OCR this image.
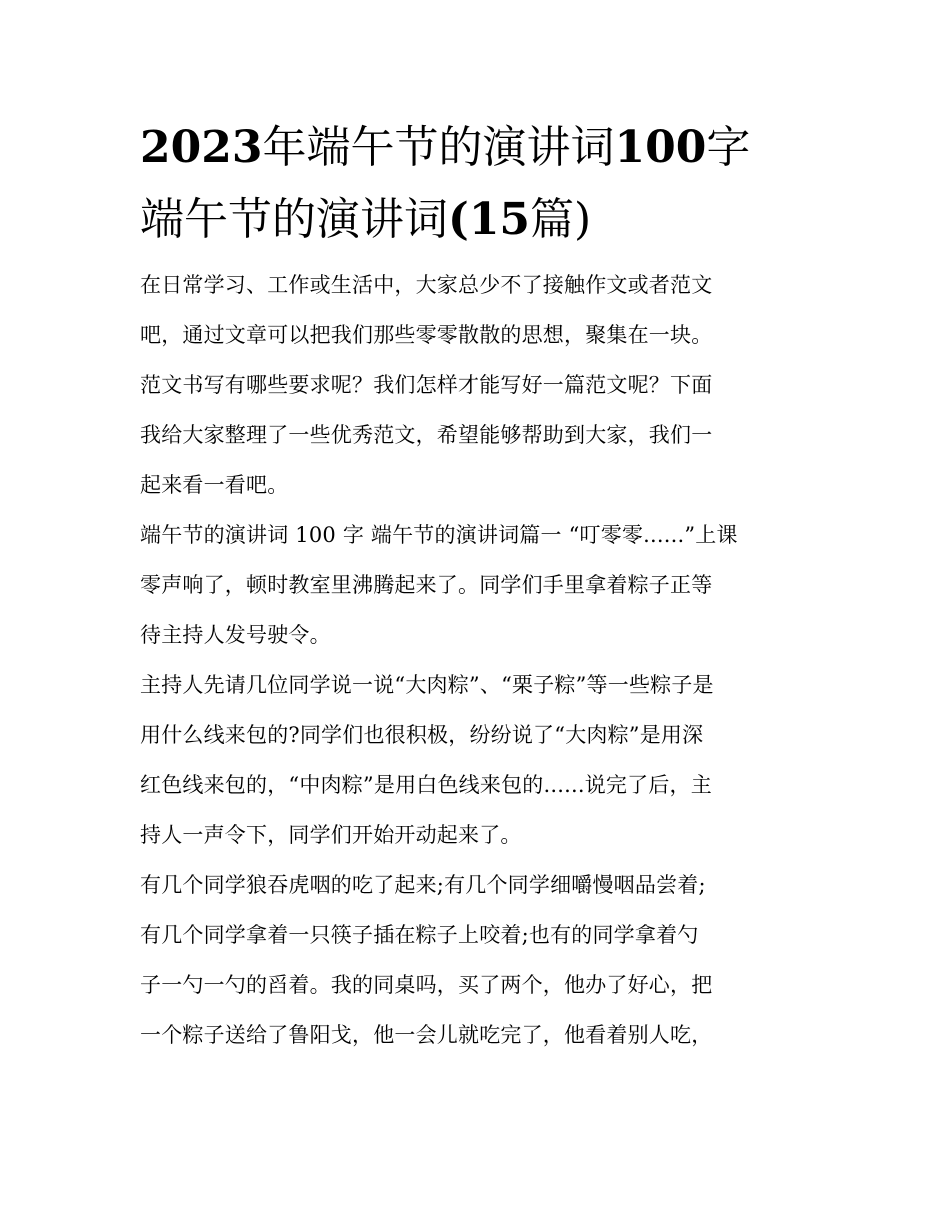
2023年端午节的演讲词100字
端午节的演讲词(15篇)

在日常学习、工作或生活中，大家总少不了接触作文或者范文
吧，通过文章可以把我们那些零零散散的思想，聚集在一块。
范文书写有哪些要求呢？我们怎样才能写好一篇范文呢？下面
我给大家整理了一些优秀范文，希望能够帮助到大家，我们一
起来看一看吧。

端午节的演讲词 100 字 端午节的演讲词篇一 “叮零零......”上课
零声响了，顿时教室里沸腾起来了。同学们手里拿着粽子正等
待主持人发号驶令。

主持人先请几位同学说一说“大肉粽”、“栗子粽”等一些粽子是
用什么线来包的?同学们也很积极，纷纷说了“大肉粽”是用深
红色线来包的，“中肉粽”是用白色线来包的......说完了后，主
持人一声令下，同学们开始开动起来了。

有几个同学狼吞虎咽的吃了起来;有几个同学细嚼慢咽品尝着;
有几个同学拿着一只筷子插在粽子上咬着;也有的同学拿着勺
子一勺一勺的舀着。我的同桌吗，买了两个，他办了好心，把
一个粽子送给了鲁阳戈，他一会儿就吃完了，他看着别人吃，
